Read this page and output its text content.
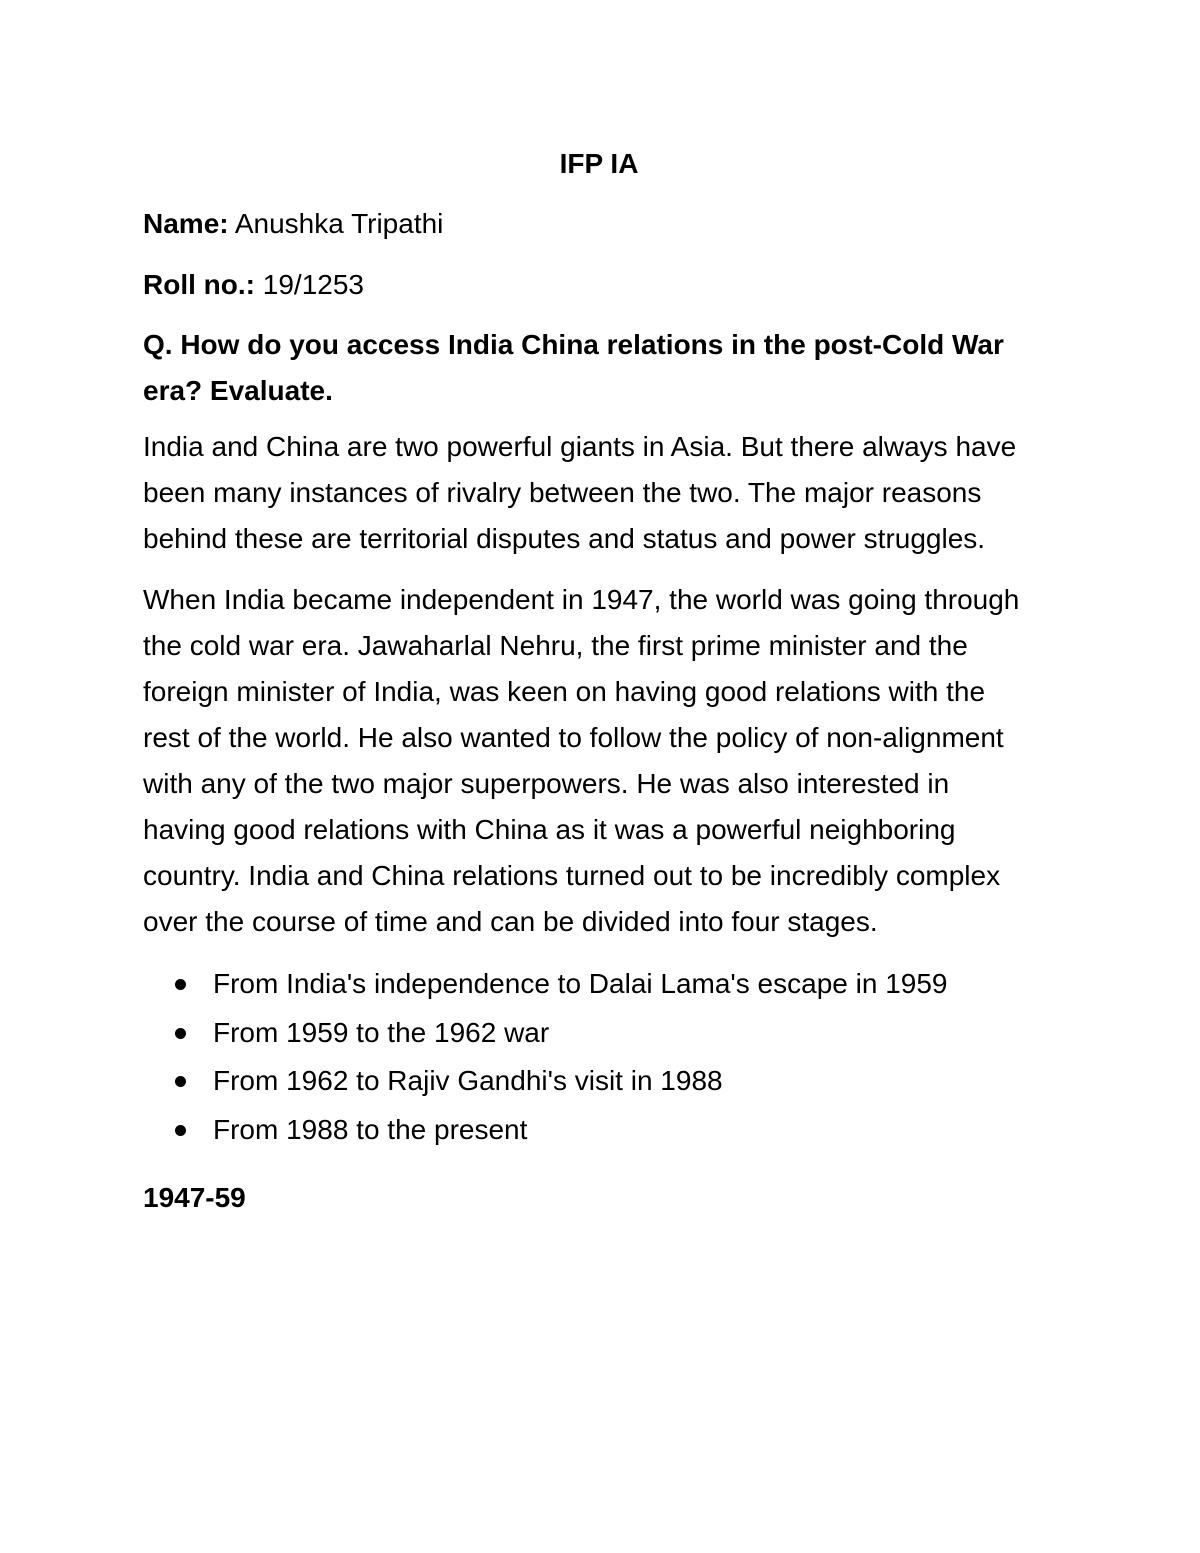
IFP IA
Name: Anushka Tripathi
Roll no.: 19/1253
Q. How do you access India China relations in the post-Cold War era? Evaluate.

India and China are two powerful giants in Asia. But there always have been many instances of rivalry between the two. The major reasons behind these are territorial disputes and status and power struggles.

When India became independent in 1947, the world was going through the cold war era. Jawaharlal Nehru, the first prime minister and the foreign minister of India, was keen on having good relations with the rest of the world. He also wanted to follow the policy of non-alignment with any of the two major superpowers. He was also interested in having good relations with China as it was a powerful neighboring country. India and China relations turned out to be incredibly complex over the course of time and can be divided into four stages.

From India's independence to Dalai Lama's escape in 1959
From 1959 to the 1962 war
From 1962 to Rajiv Gandhi's visit in 1988
From 1988 to the present
1947-59
